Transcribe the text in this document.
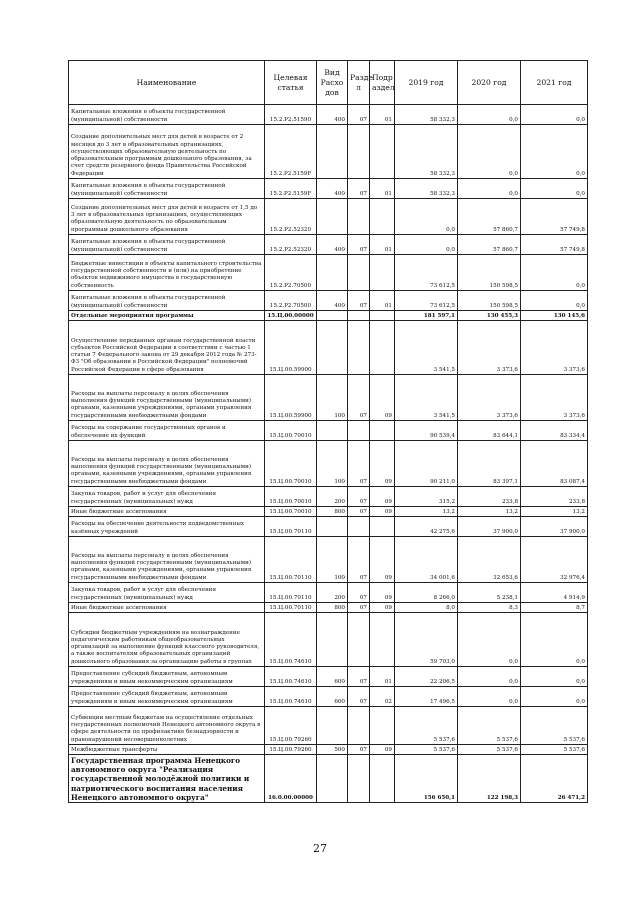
Наименование	Целевая статья	Вид Расхо дов	Разде л	Подр аздел	2019 год	2020 год	2021 год
Капитальные вложения в объекты государственной (муниципальной) собственности	15.2.P2.51590	400	07	01	58 332,3	0,0	0,0
Создание дополнительных мест для детей в возрасте от 2 месяцев до 3 лет в образовательных организациях, осуществляющих образовательную деятельность по образовательным программам дошкольного образования, за счет средств резервного фонда Правительства Российской Федерации	15.2.P2.5159F				58 332,3	0,0	0,0
Капитальные вложения в объекты государственной (муниципальной) собственности	15.2.P2.5159F	400	07	01	58 332,3	0,0	0,0
Создание дополнительных мест для детей в возрасте от 1,5 до 3 лет в образовательных организациях, осуществляющих образовательную деятельность по образовательным программам дошкольного образования	15.2.P2.52320				0,0	57 860,7	57 749,8
Капитальные вложения в объекты государственной (муниципальной) собственности	15.2.P2.52320	400	07	01	0,0	57 860,7	57 749,8
Бюджетные инвестиции в объекты капитального строительства государственной собственности и (или) на приобретение объектов недвижимого имущества в государственную собственность	15.2.P2.70500				73 612,5	150 598,5	0,0
Капитальные вложения в объекты государственной (муниципальной) собственности	15.2.P2.70500	400	07	01	73 612,5	150 598,5	0,0
Отдельные мероприятия программы	15.Ц.00.00000				181 597,1	130 455,3	130 145,6
Осуществление переданных органам государственной власти субъектов Российской Федерации в соответствии с частью 1 статьи 7 Федерального закона от 29 декабря 2012 года № 273-ФЗ "Об образовании в Российской Федерации" полномочий Российской Федерации в сфере образования	15.Ц.00.59900				3 541,5	3 373,6	3 373,6
Расходы на выплаты персоналу в целях обеспечения выполнения функций государственными (муниципальными) органами, казенными учреждениями, органами управления государственными внебюджетными фондами	15.Ц.00.59900	100	07	09	3 541,5	3 373,6	3 373,6
Расходы на содержание государственных органов и обеспечение их функций	15.Ц.00.70010				90 539,4	83 644,1	83 334,4
Расходы на выплаты персоналу в целях обеспечения выполнения функций государственными (муниципальными) органами, казенными учреждениями, органами управления государственными внебюджетными фондами	15.Ц.00.70010	100	07	09	90 211,0	83 397,1	83 087,4
Закупка товаров, работ и услуг для обеспечения государственных (муниципальных) нужд	15.Ц.00.70010	200	07	09	315,2	233,8	233,8
Иные бюджетные ассигнования	15.Ц.00.70010	800	07	09	13,2	13,2	13,2
Расходы на обеспечение деятельности подведомственных казённых учреждений	15.Ц.00.70110				42 275,6	37 900,0	37 900,0
Расходы на выплаты персоналу в целях обеспечения выполнения функций государственными (муниципальными) органами, казенными учреждениями, органами управления государственными внебюджетными фондами	15.Ц.00.70110	100	07	09	34 001,6	32 653,6	32 976,4
Закупка товаров, работ и услуг для обеспечения государственных (муниципальных) нужд	15.Ц.00.70110	200	07	09	8 266,0	5 238,1	4 914,9
Иные бюджетные ассигнования	15.Ц.00.70110	800	07	09	8,0	8,3	8,7
Субсидии бюджетным учреждениям на вознаграждение педагогическим работникам общеобразовательных организаций за выполнение функций классного руководителя, а также воспитателям образовательных организаций дошкольного образования за организацию работы в группах	15.Ц.00.74610				59 703,0	0,0	0,0
Предоставление субсидий бюджетным, автономным учреждениям и иным некоммерческим организациям	15.Ц.00.74610	600	07	01	22 206,5	0,0	0,0
Предоставление субсидий бюджетным, автономным учреждениям и иным некоммерческим организациям	15.Ц.00.74610	600	07	02	17 496,5	0,0	0,0
Субвенции местным бюджетам на осуществление отдельных государственных полномочий Ненецкого автономного округа в сфере деятельности по профилактике безнадзорности и правонарушений несовершеннолетних	15.Ц.00.79260				5 537,6	5 537,6	5 537,6
Межбюджетные трансферты	15.Ц.00.79260	500	07	09	5 537,6	5 537,6	5 537,6
Государственная программа Ненецкого автономного округа "Реализация государственной молодёжной политики и патриотического воспитания населения Ненецкого автономного округа"	16.0.00.00000				156 650,1	122 198,3	26 471,2
27
